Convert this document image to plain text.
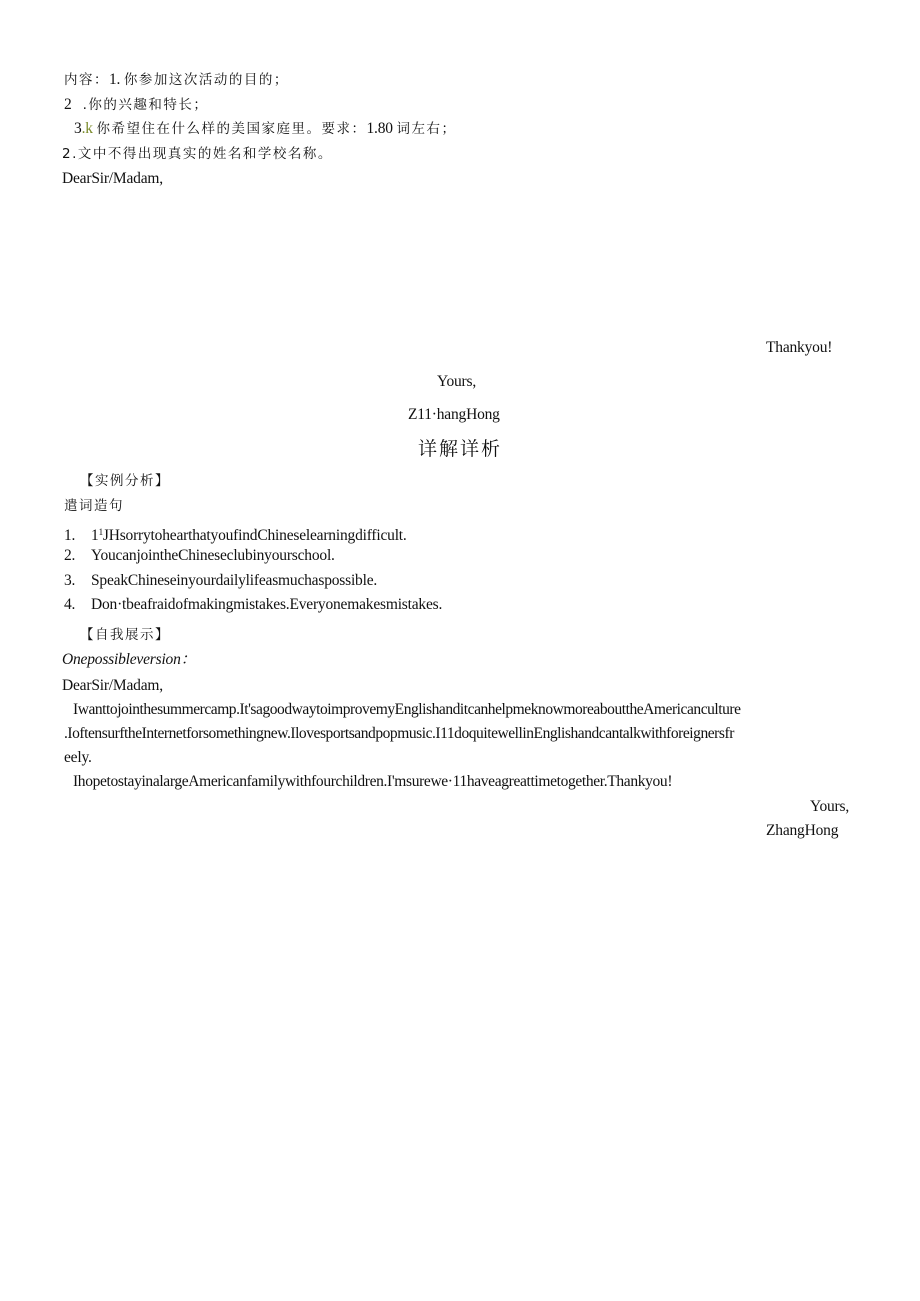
内容：1. 你参加这次活动的目的；
2 .你的兴趣和特长；
3.k 你希望住在什么样的美国家庭里。要求：1.80 词左右；
2.文中不得出现真实的姓名和学校名称。
DearSir/Madam,
Thankyou!
Yours,
Z11·hangHong
详解详析
【实例分析】
遣词造句
1. $1^1JHsorrytohearthatyoufindChineselearningdifficult$.
2. YoucanjointheChineseclubinyourschool.
3. SpeakChineseinyourdailylifeasmuchaspossible.
4. Don·tbeafraidofmakingmistakes.Everyonemakesmistakes.
【自我展示】
Onepossibleversion：
DearSir/Madam,
Iwanttojointhesummercamp.It'sagoodwaytoimprovemyEnglishanditcanhelpmeknowmoreabouttheAmericanculture
.IoftensurftheInternetforsomethingnew.Ilovesportsandpopmusic.I11doquitewellinEnglishandcantalkwithforeignersfr
eely.
IhopetostayinalargeAmericanfamilywithfourchildren.I'msurewe·11haveagreattimetogether.Thankyou!
Yours,
ZhangHong
